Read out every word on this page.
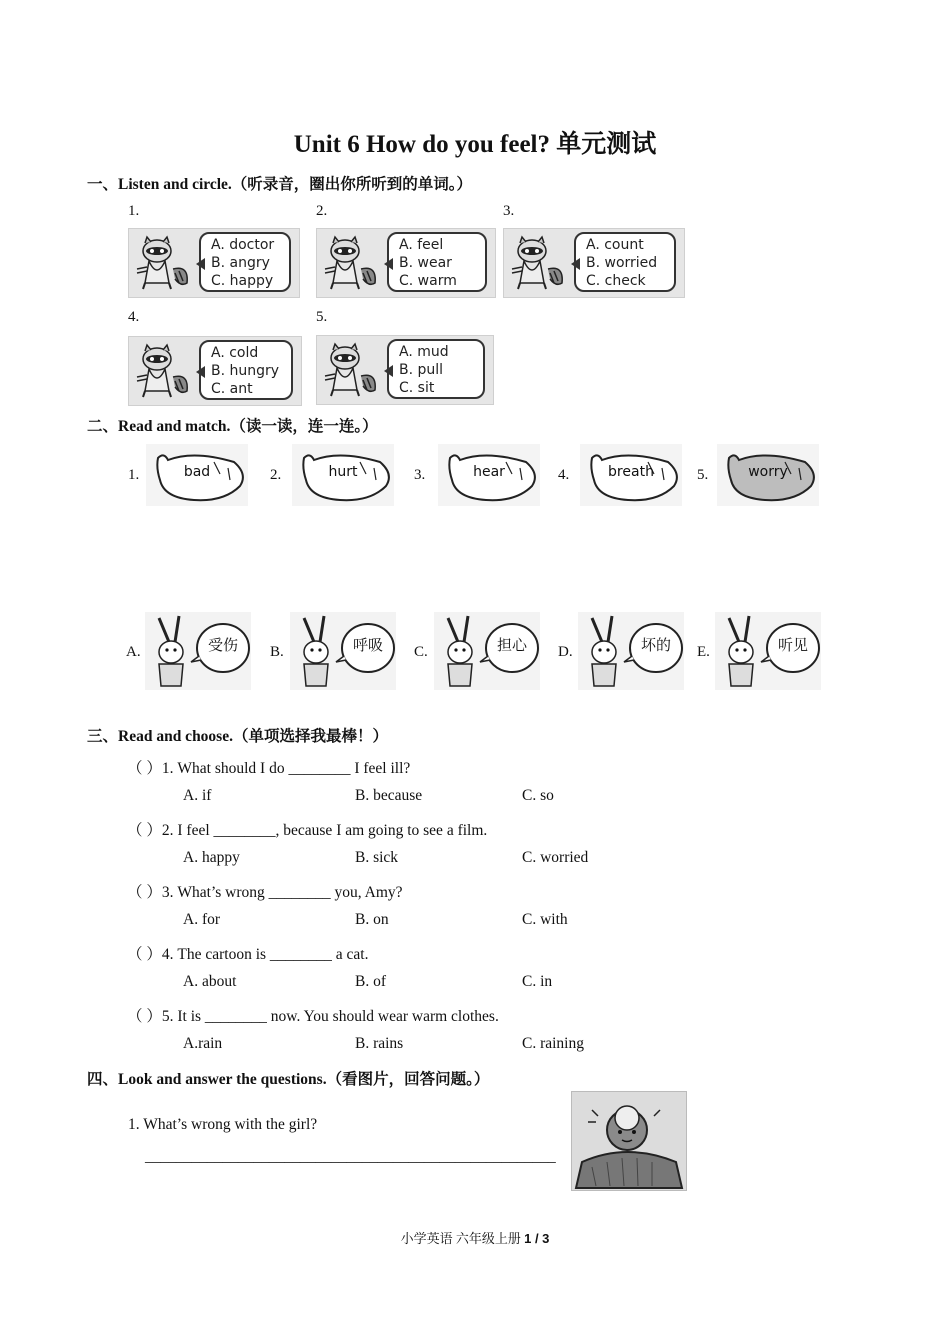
Unit 6 How do you feel? 单元测试
一、Listen and circle.（听录音，圈出你所听到的单词。）
1.
A. doctor
B. angry
C. happy
2.
A. feel
B. wear
C. warm
3.
A. count
B. worried
C. check
4.
A. cold
B. hungry
C. ant
5.
A. mud
B. pull
C. sit
二、Read and match.（读一读，连一连。）
1.	bad	2.	hurt	3.	hear	4.	breath	5.	worry
A.	受伤	B.	呼吸	C.	担心	D.	坏的	E.	听见
三、Read and choose.（单项选择我最棒！）
（ ）1. What should I do ________ I feel ill?
A. if	B. because	C. so
（ ）2. I feel ________, because I am going to see a film.
A. happy	B. sick	C. worried
（ ）3. What’s wrong ________ you, Amy?
A. for	B. on	C. with
（ ）4. The cartoon is ________ a cat.
A. about	B. of	C. in
（ ）5. It is ________ now. You should wear warm clothes.
A.rain	B. rains	C. raining
四、Look and answer the questions.（看图片，回答问题。）
1. What’s wrong with the girl?
_____________________________________________________
小学英语 六年级上册 1 / 3
